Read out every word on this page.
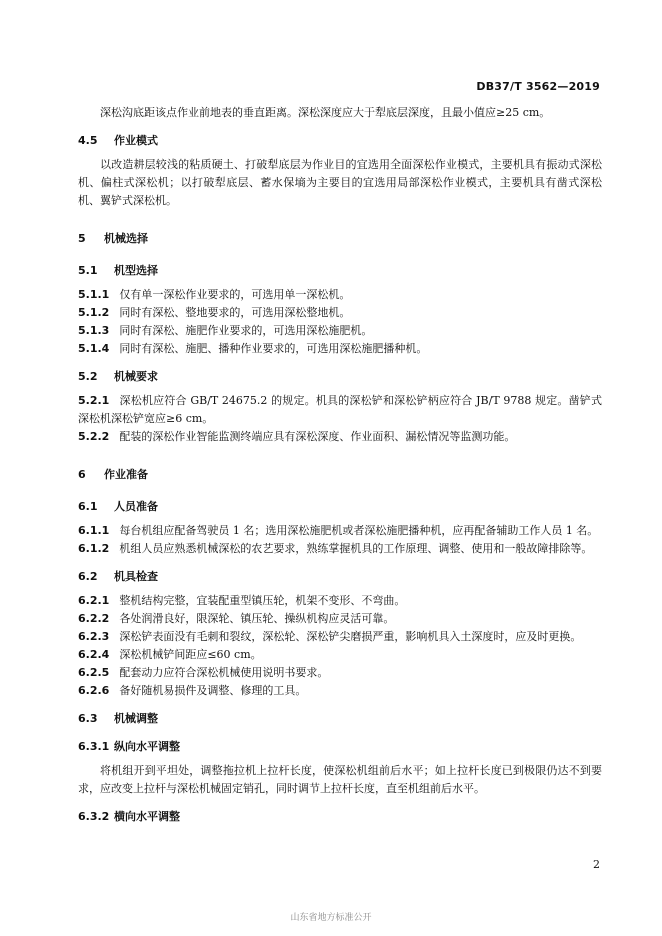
DB37/T 3562—2019

深松沟底距该点作业前地表的垂直距离。深松深度应大于犁底层深度，且最小值应≥25 cm。

4.5 作业模式

以改造耕层较浅的粘质硬土、打破犁底层为作业目的宜选用全面深松作业模式，主要机具有振动式深松机、偏柱式深松机；以打破犁底层、蓄水保墒为主要目的宜选用局部深松作业模式，主要机具有凿式深松机、翼铲式深松机。

5 机械选择
5.1 机型选择

5.1.1 仅有单一深松作业要求的，可选用单一深松机。

5.1.2 同时有深松、整地要求的，可选用深松整地机。

5.1.3 同时有深松、施肥作业要求的，可选用深松施肥机。

5.1.4 同时有深松、施肥、播种作业要求的，可选用深松施肥播种机。

5.2 机械要求

5.2.1 深松机应符合 GB/T 24675.2 的规定。机具的深松铲和深松铲柄应符合 JB/T 9788 规定。凿铲式深松机深松铲宽应≥6 cm。

5.2.2 配装的深松作业智能监测终端应具有深松深度、作业面积、漏松情况等监测功能。

6 作业准备
6.1 人员准备

6.1.1 每台机组应配备驾驶员 1 名；选用深松施肥机或者深松施肥播种机，应再配备辅助工作人员 1 名。

6.1.2 机组人员应熟悉机械深松的农艺要求，熟练掌握机具的工作原理、调整、使用和一般故障排除等。

6.2 机具检查

6.2.1 整机结构完整，宜装配重型镇压轮，机架不变形、不弯曲。

6.2.2 各处润滑良好，限深轮、镇压轮、操纵机构应灵活可靠。

6.2.3 深松铲表面没有毛刺和裂纹，深松轮、深松铲尖磨损严重，影响机具入土深度时，应及时更换。

6.2.4 深松机械铲间距应≤60 cm。

6.2.5 配套动力应符合深松机械使用说明书要求。

6.2.6 备好随机易损件及调整、修理的工具。

6.3 机械调整
6.3.1 纵向水平调整

将机组开到平坦处，调整拖拉机上拉杆长度，使深松机组前后水平；如上拉杆长度已到极限仍达不到要求，应改变上拉杆与深松机械固定销孔，同时调节上拉杆长度，直至机组前后水平。

6.3.2 横向水平调整
2
山东省地方标准公开
